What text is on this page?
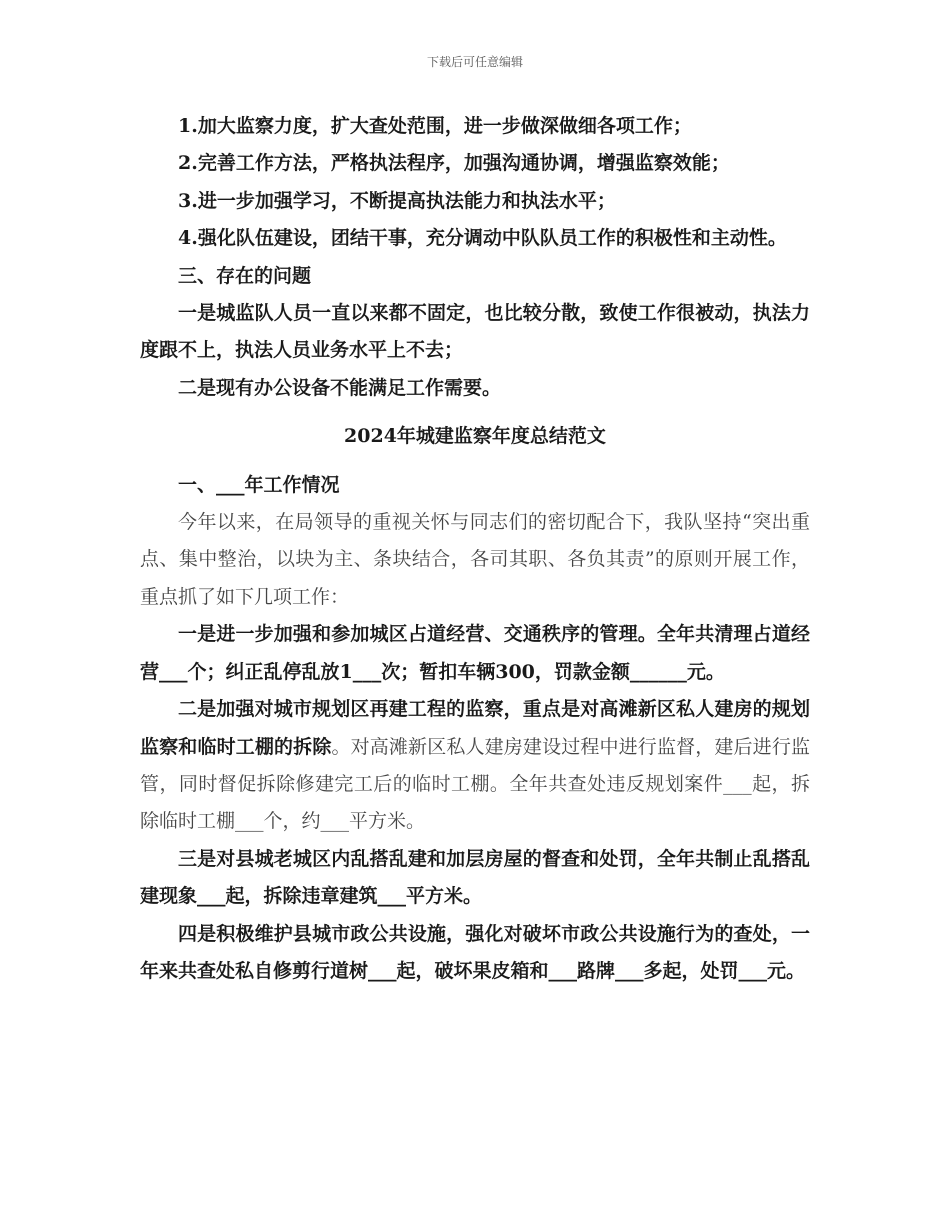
下载后可任意编辑

1.加大监察力度，扩大查处范围，进一步做深做细各项工作；

2.完善工作方法，严格执法程序，加强沟通协调，增强监察效能；

3.进一步加强学习，不断提高执法能力和执法水平；

4.强化队伍建设，团结干事，充分调动中队队员工作的积极性和主动性。

三、存在的问题

一是城监队人员一直以来都不固定，也比较分散，致使工作很被动，执法力度跟不上，执法人员业务水平上不去；

二是现有办公设备不能满足工作需要。

2024年城建监察年度总结范文

一、___年工作情况

今年以来，在局领导的重视关怀与同志们的密切配合下，我队坚持“突出重点、集中整治，以块为主、条块结合，各司其职、各负其责”的原则开展工作，重点抓了如下几项工作：

一是进一步加强和参加城区占道经营、交通秩序的管理。全年共清理占道经营___个；纠正乱停乱放1___次；暂扣车辆300，罚款金额______元。

二是加强对城市规划区再建工程的监察，重点是对高滩新区私人建房的规划监察和临时工棚的拆除。对高滩新区私人建房建设过程中进行监督，建后进行监管，同时督促拆除修建完工后的临时工棚。全年共查处违反规划案件___起，拆除临时工棚___个，约___平方米。

三是对县城老城区内乱搭乱建和加层房屋的督查和处罚，全年共制止乱搭乱建现象___起，拆除违章建筑___平方米。

四是积极维护县城市政公共设施，强化对破坏市政公共设施行为的查处，一年来共查处私自修剪行道树___起，破坏果皮箱和___路牌___多起，处罚___元。
